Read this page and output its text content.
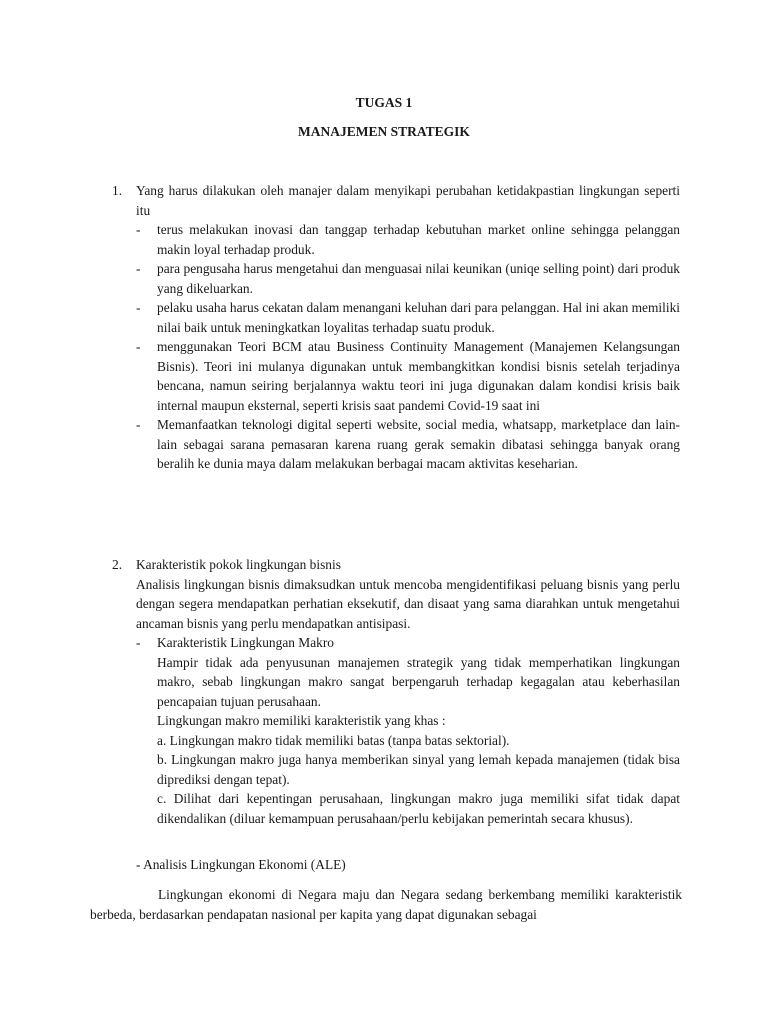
TUGAS 1
MANAJEMEN STRATEGIK
1. Yang harus dilakukan oleh manajer dalam menyikapi perubahan ketidakpastian lingkungan seperti itu
- terus melakukan inovasi dan tanggap terhadap kebutuhan market online sehingga pelanggan makin loyal terhadap produk.
- para pengusaha harus mengetahui dan menguasai nilai keunikan (uniqe selling point) dari produk yang dikeluarkan.
- pelaku usaha harus cekatan dalam menangani keluhan dari para pelanggan. Hal ini akan memiliki nilai baik untuk meningkatkan loyalitas terhadap suatu produk.
- menggunakan Teori BCM atau Business Continuity Management (Manajemen Kelangsungan Bisnis). Teori ini mulanya digunakan untuk membangkitkan kondisi bisnis setelah terjadinya bencana, namun seiring berjalannya waktu teori ini juga digunakan dalam kondisi krisis baik internal maupun eksternal, seperti krisis saat pandemi Covid-19 saat ini
- Memanfaatkan teknologi digital seperti website, social media, whatsapp, marketplace dan lain-lain sebagai sarana pemasaran karena ruang gerak semakin dibatasi sehingga banyak orang beralih ke dunia maya dalam melakukan berbagai macam aktivitas keseharian.
2. Karakteristik pokok lingkungan bisnis
Analisis lingkungan bisnis dimaksudkan untuk mencoba mengidentifikasi peluang bisnis yang perlu dengan segera mendapatkan perhatian eksekutif, dan disaat yang sama diarahkan untuk mengetahui ancaman bisnis yang perlu mendapatkan antisipasi.
- Karakteristik Lingkungan Makro

Hampir tidak ada penyusunan manajemen strategik yang tidak memperhatikan lingkungan makro, sebab lingkungan makro sangat berpengaruh terhadap kegagalan atau keberhasilan pencapaian tujuan perusahaan.

Lingkungan makro memiliki karakteristik yang khas :

a. Lingkungan makro tidak memiliki batas (tanpa batas sektorial).

b. Lingkungan makro juga hanya memberikan sinyal yang lemah kepada manajemen (tidak bisa diprediksi dengan tepat).

c. Dilihat dari kepentingan perusahaan, lingkungan makro juga memiliki sifat tidak dapat dikendalikan (diluar kemampuan perusahaan/perlu kebijakan pemerintah secara khusus).

- Analisis Lingkungan Ekonomi (ALE)
Lingkungan ekonomi di Negara maju dan Negara sedang berkembang memiliki karakteristik berbeda, berdasarkan pendapatan nasional per kapita yang dapat digunakan sebagai
